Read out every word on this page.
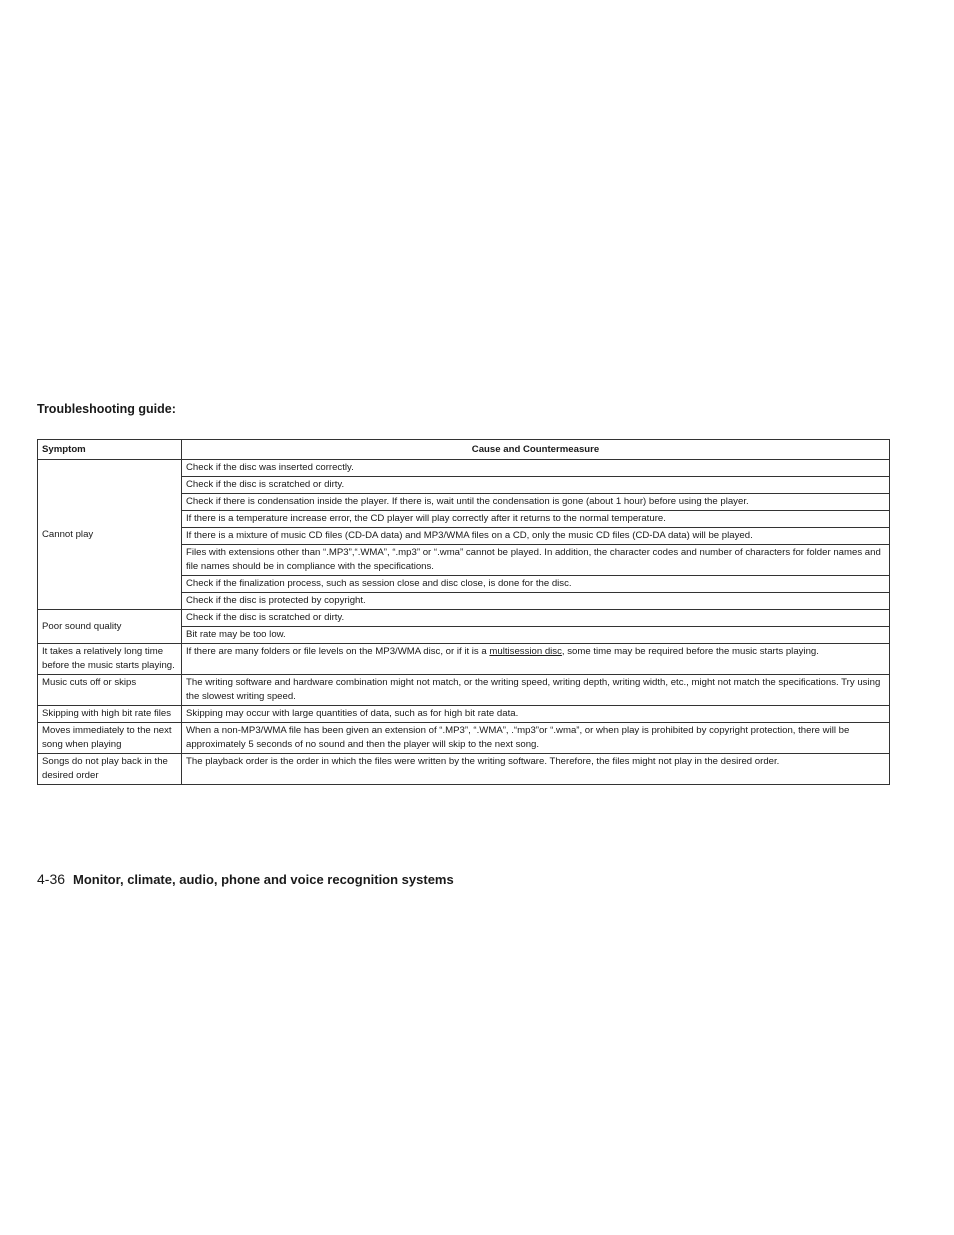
Troubleshooting guide:
Symptom	Cause and Countermeasure
Cannot play	Check if the disc was inserted correctly.
	Check if the disc is scratched or dirty.
	Check if there is condensation inside the player. If there is, wait until the condensation is gone (about 1 hour) before using the player.
	If there is a temperature increase error, the CD player will play correctly after it returns to the normal temperature.
	If there is a mixture of music CD files (CD-DA data) and MP3/WMA files on a CD, only the music CD files (CD-DA data) will be played.
	Files with extensions other than “.MP3”,“.WMA”, “.mp3” or “.wma” cannot be played. In addition, the character codes and number of characters for folder names and file names should be in compliance with the specifications.
	Check if the finalization process, such as session close and disc close, is done for the disc.
	Check if the disc is protected by copyright.
Poor sound quality	Check if the disc is scratched or dirty.
	Bit rate may be too low.
It takes a relatively long time before the music starts playing.	If there are many folders or file levels on the MP3/WMA disc, or if it is a multisession disc, some time may be required before the music starts playing.
Music cuts off or skips	The writing software and hardware combination might not match, or the writing speed, writing depth, writing width, etc., might not match the specifications. Try using the slowest writing speed.
Skipping with high bit rate files	Skipping may occur with large quantities of data, such as for high bit rate data.
Moves immediately to the next song when playing	When a non-MP3/WMA file has been given an extension of “.MP3”, “.WMA”, .“mp3”or “.wma”, or when play is prohibited by copyright protection, there will be approximately 5 seconds of no sound and then the player will skip to the next song.
Songs do not play back in the desired order	The playback order is the order in which the files were written by the writing software. Therefore, the files might not play in the desired order.
4-36 Monitor, climate, audio, phone and voice recognition systems
